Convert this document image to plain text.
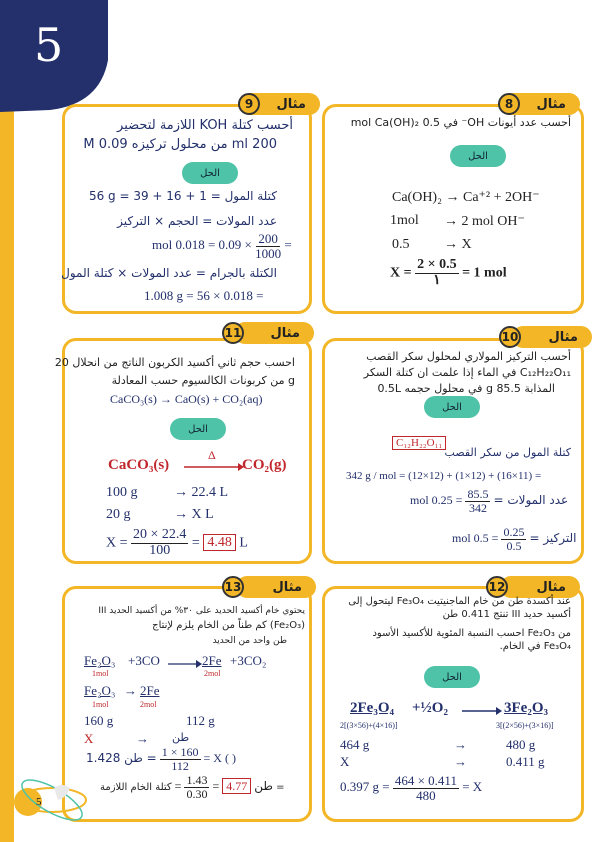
5
مثال
8
أحسب عدد أيونات OH⁻ في 0.5 mol Ca(OH)₂
الحل
Ca(OH)₂ → Ca⁺² + 2OH⁻
1mol → 2 mol OH⁻
0.5 → X
$X = \frac{2 \times 0.5}{١} = 1$ mol
مثال
9
أحسب كتلة KOH اللازمة لتحضير
200 ml من محلول تركيزه 0.09 M
الحل
كتلة المول = 56 g = 39 + 16 + 1
عدد المولات = الحجم × التركيز
mol $0.018 = 0.09 \times \frac{200}{1000}$ =
الكتلة بالجرام = عدد المولات × كتلة المول
1.008 g = 56 × 0.018 =
مثال
10
أحسب التركيز المولاري لمحلول سكر القصب
C₁₂H₂₂O₁₁ في الماء إذا علمت ان كتلة السكر
المذابة 85.5 g في محلول حجمه 0.5L
الحل
C₁₂H₂₂O₁₁
كتلة المول من سكر القصب
342 g / mol = (12×12) + (1×12) + (16×11) =
mol $0.25 = \frac{85.5}{342}$ = عدد المولات
mol $0.5 = \frac{0.25}{0.5}$ = التركيز
مثال
11
احسب حجم ثاني أكسيد الكربون الناتج من انحلال 20
g من كربونات الكالسيوم حسب المعادلة
CaCO₃(s) → CaO(s) + CO₂(aq)
الحل
CaCO₃(s)
Δ
CO₂(g)
100 g	→ 22.4 L
20 g	→ X L
$X = \frac{20 \times 22.4}{100} = 4.48$ L
مثال
12
عند أكسدة طن من خام الماجنيتيت Fe₃O₄ ليتحول إلى
أكسيد حديد III تنتج 0.411 طن
من Fe₂O₃ احسب النسبة المئوية للأكسيد الأسود
Fe₃O₄ في الخام.
الحل
2Fe₃O₄ +½O₂	3Fe₂O₃
2[(3×56)+(4×16)]	3[(2×56)+(3×16)]
464 g	→	480 g
X	→	0.411 g
0.397 $g = \frac{464 \times 0.411}{480} = X$
مثال
13
يحتوي خام أكسيد الحديد على ٣٠% من أكسيد الحديد III
(Fe₂O₃) كم طناً من الخام يلزم لإنتاج
طن واحد من الحديد
Fe₂O₃ +3CO	2Fe +3CO₂
1mol	2mol
Fe₂O₃ → 2Fe
1mol	2mol
160 g	112 g
X	→ طن
طن $1.428 = \frac{1 \times 160}{112} = X$ ( )
طن 4.77 =
$\frac{1.43}{0.30}$
= كتلة الخام اللازمة =
5
